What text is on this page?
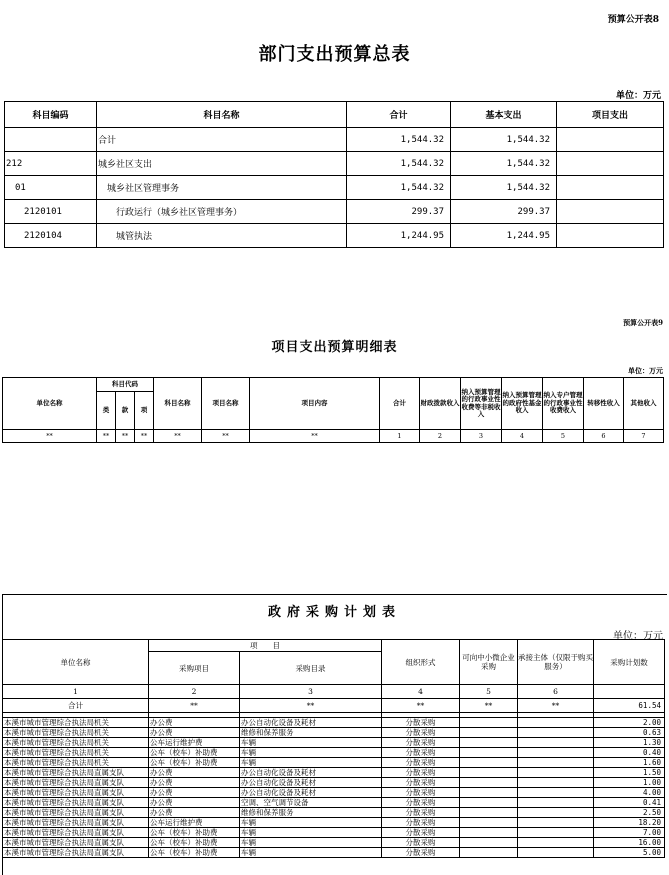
预算公开表8
部门支出预算总表
单位：万元
科目编码	科目名称	合计	基本支出	项目支出
	合计	1,544.32	1,544.32	
212	城乡社区支出	1,544.32	1,544.32	
01	城乡社区管理事务	1,544.32	1,544.32	
2120101	行政运行（城乡社区管理事务）	299.37	299.37	
2120104	城管执法	1,244.95	1,244.95	
预算公开表9
项目支出预算明细表
单位：万元
单位名称	科目代码			科目名称	项目名称	项目内容	合计	财政拨款收入	纳入预算管理的行政事业性收费等非税收入	纳入预算管理的政府性基金收入	纳入专户管理的行政事业性收费收入	转移性收入	其他收入
	类	款	项										
**	**	**	**	**	**	**	1	2	3	4	5	6	7
政府采购计划表
单位：万元
单位名称	项　　目		组织形式	可向中小微企业采购	承接主体（仅限于购买服务）	采购计划数
	采购项目	采购目录				
1	2	3	4	5	6	
合计	**	**	**	**	**	61.54

本溪市城市管理综合执法局机关	办公费	办公自动化设备及耗材	分散采购			2.00
本溪市城市管理综合执法局机关	办公费	维修和保养服务	分散采购			0.63
本溪市城市管理综合执法局机关	公车运行维护费	车辆	分散采购			1.30
本溪市城市管理综合执法局机关	公车（校车）补助费	车辆	分散采购			0.40
本溪市城市管理综合执法局机关	公车（校车）补助费	车辆	分散采购			1.60
本溪市城市管理综合执法局直属支队	办公费	办公自动化设备及耗材	分散采购			1.50
本溪市城市管理综合执法局直属支队	办公费	办公自动化设备及耗材	分散采购			1.00
本溪市城市管理综合执法局直属支队	办公费	办公自动化设备及耗材	分散采购			4.00
本溪市城市管理综合执法局直属支队	办公费	空调、空气调节设备	分散采购			0.41
本溪市城市管理综合执法局直属支队	办公费	维修和保养服务	分散采购			2.50
本溪市城市管理综合执法局直属支队	公车运行维护费	车辆	分散采购			18.20
本溪市城市管理综合执法局直属支队	公车（校车）补助费	车辆	分散采购			7.00
本溪市城市管理综合执法局直属支队	公车（校车）补助费	车辆	分散采购			16.00
本溪市城市管理综合执法局直属支队	公车（校车）补助费	车辆	分散采购			5.00
